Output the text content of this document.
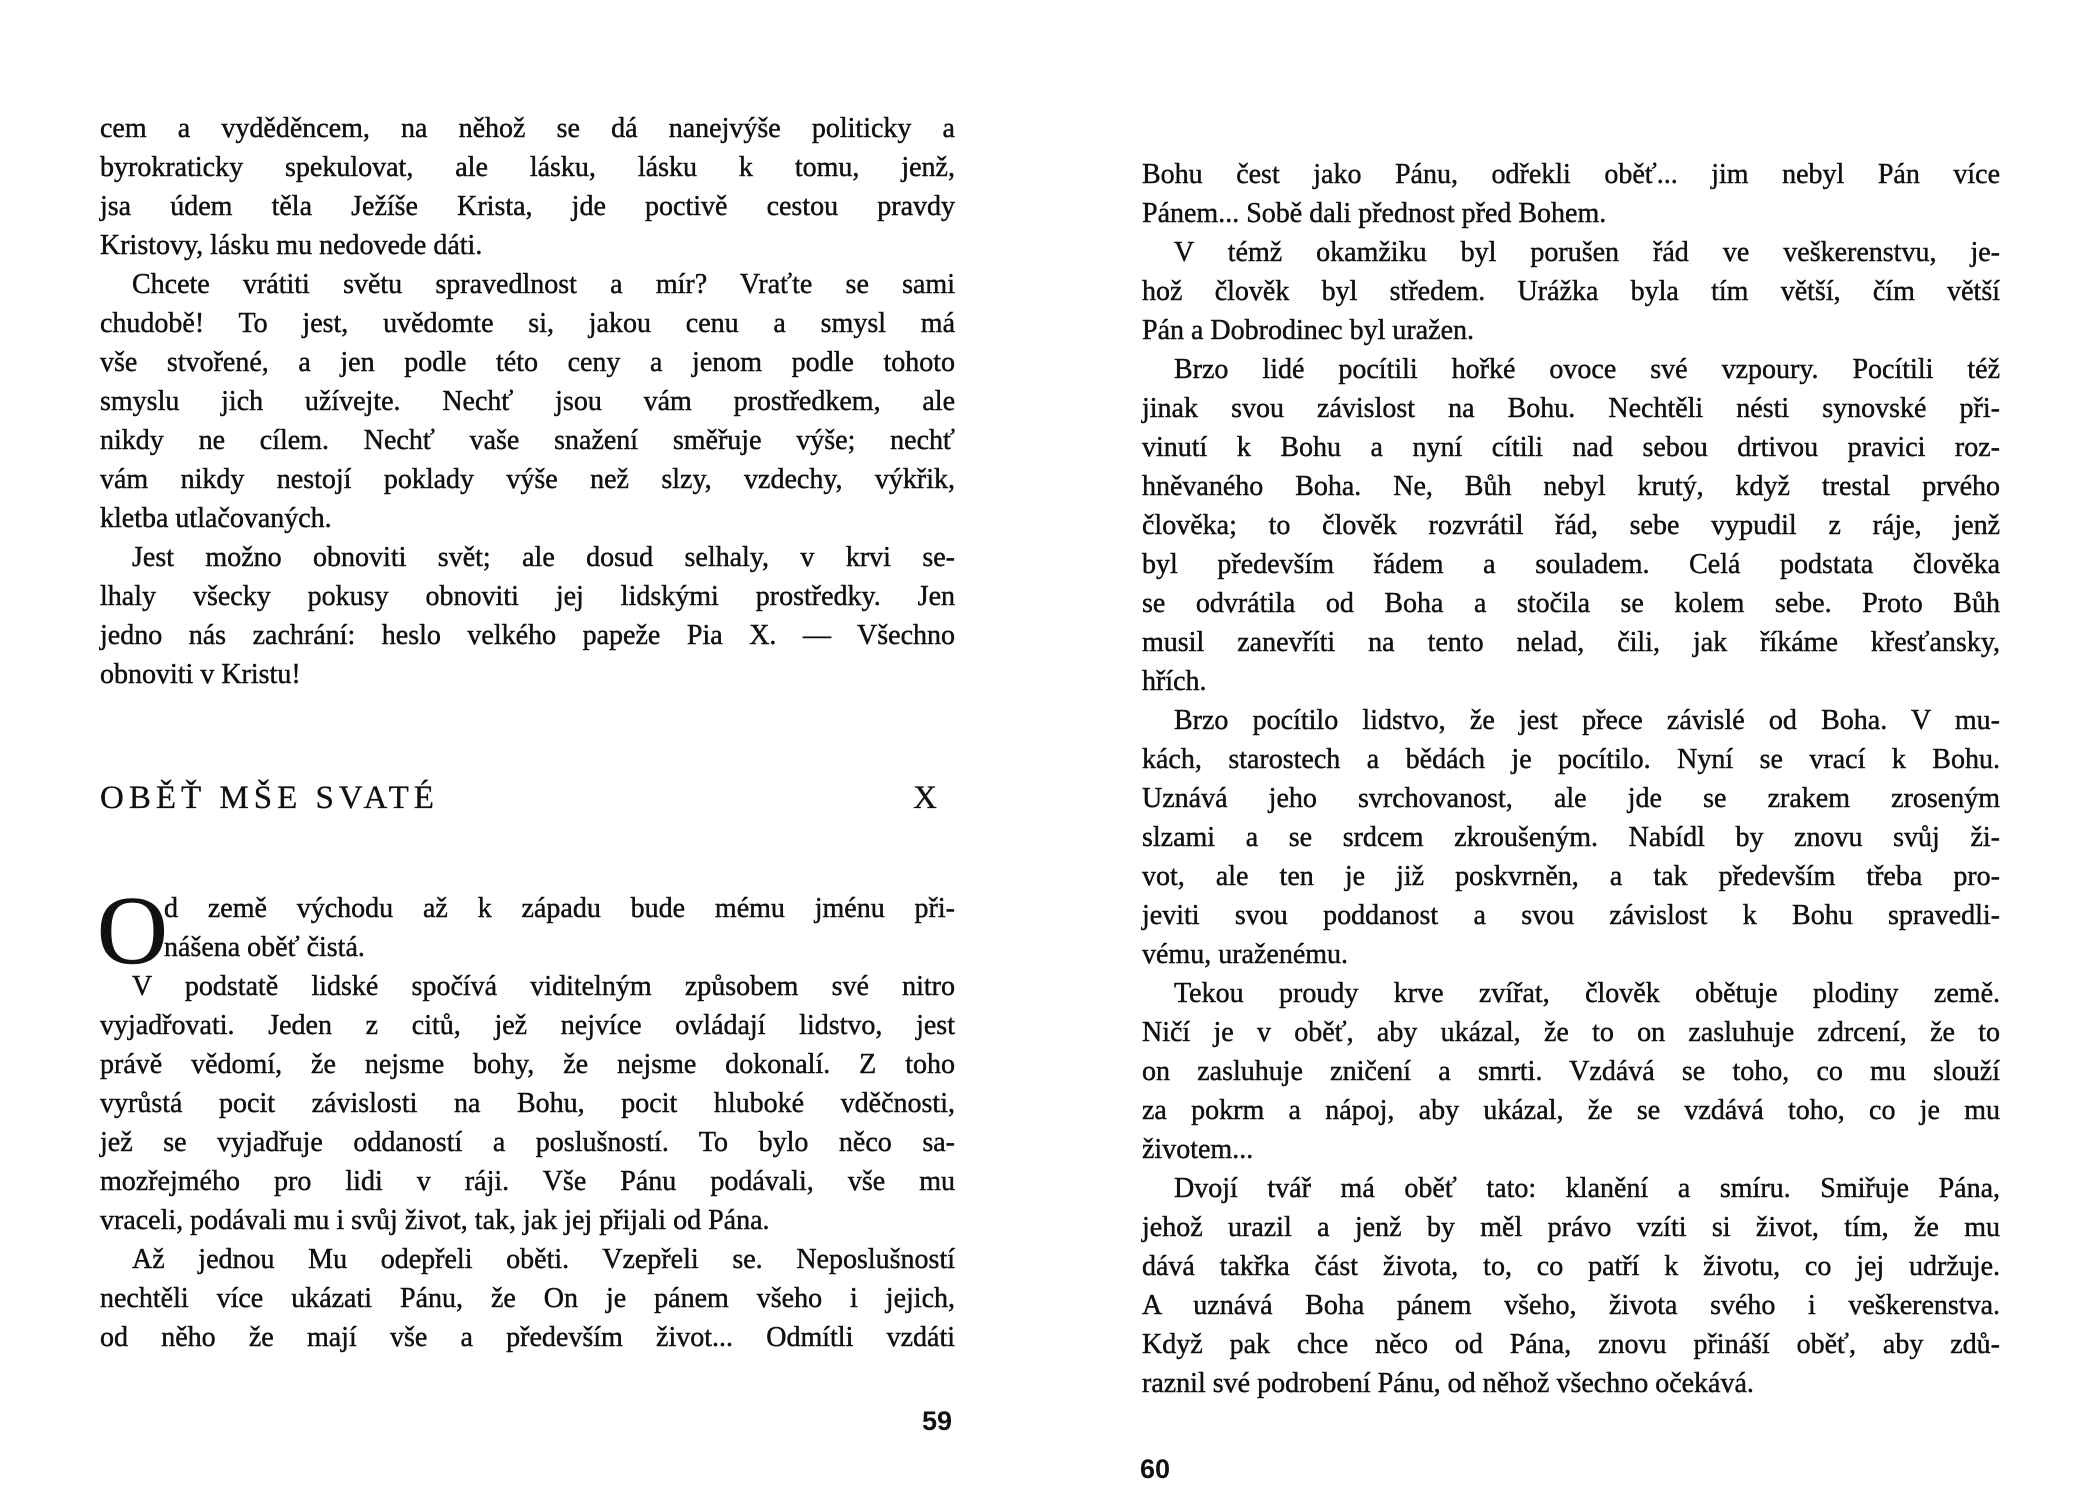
cem a vyděděncem, na něhož se dá nanejvýše politicky a
byrokraticky spekulovat, ale lásku, lásku k tomu, jenž,
jsa údem těla Ježíše Krista, jde poctivě cestou pravdy
Kristovy, lásku mu nedovede dáti.
Chcete vrátiti světu spravedlnost a mír? Vraťte se sami
chudobě! To jest, uvědomte si, jakou cenu a smysl má
vše stvořené, a jen podle této ceny a jenom podle tohoto
smyslu jich užívejte. Nechť jsou vám prostředkem, ale
nikdy ne cílem. Nechť vaše snažení směřuje výše; nechť
vám nikdy nestojí poklady výše než slzy, vzdechy, výkřik,
kletba utlačovaných.
Jest možno obnoviti svět; ale dosud selhaly, v krvi se-
lhaly všecky pokusy obnoviti jej lidskými prostředky. Jen
jedno nás zachrání: heslo velkého papeže Pia X. — Všechno
obnoviti v Kristu!
OBĚŤ MŠE SVATÉ	X
O
d země východu až k západu bude mému jménu při-
nášena oběť čistá.
V podstatě lidské spočívá viditelným způsobem své nitro
vyjadřovati. Jeden z citů, jež nejvíce ovládají lidstvo, jest
právě vědomí, že nejsme bohy, že nejsme dokonalí. Z toho
vyrůstá pocit závislosti na Bohu, pocit hluboké vděčnosti,
jež se vyjadřuje oddaností a poslušností. To bylo něco sa-
mozřejmého pro lidi v ráji. Vše Pánu podávali, vše mu
vraceli, podávali mu i svůj život, tak, jak jej přijali od Pána.
Až jednou Mu odepřeli oběti. Vzepřeli se. Neposlušností
nechtěli více ukázati Pánu, že On je pánem všeho i jejich,
od něho že mají vše a především život... Odmítli vzdáti
59
Bohu čest jako Pánu, odřekli oběť... jim nebyl Pán více
Pánem... Sobě dali přednost před Bohem.
V témž okamžiku byl porušen řád ve veškerenstvu, je-
hož člověk byl středem. Urážka byla tím větší, čím větší
Pán a Dobrodinec byl uražen.
Brzo lidé pocítili hořké ovoce své vzpoury. Pocítili též
jinak svou závislost na Bohu. Nechtěli nésti synovské při-
vinutí k Bohu a nyní cítili nad sebou drtivou pravici roz-
hněvaného Boha. Ne, Bůh nebyl krutý, když trestal prvého
člověka; to člověk rozvrátil řád, sebe vypudil z ráje, jenž
byl především řádem a souladem. Celá podstata člověka
se odvrátila od Boha a stočila se kolem sebe. Proto Bůh
musil zanevříti na tento nelad, čili, jak říkáme křesťansky,
hřích.
Brzo pocítilo lidstvo, že jest přece závislé od Boha. V mu-
kách, starostech a bědách je pocítilo. Nyní se vrací k Bohu.
Uznává jeho svrchovanost, ale jde se zrakem zroseným
slzami a se srdcem zkroušeným. Nabídl by znovu svůj ži-
vot, ale ten je již poskvrněn, a tak především třeba pro-
jeviti svou poddanost a svou závislost k Bohu spravedli-
vému, uraženému.
Tekou proudy krve zvířat, člověk obětuje plodiny země.
Ničí je v oběť, aby ukázal, že to on zasluhuje zdrcení, že to
on zasluhuje zničení a smrti. Vzdává se toho, co mu slouží
za pokrm a nápoj, aby ukázal, že se vzdává toho, co je mu
životem...
Dvojí tvář má oběť tato: klanění a smíru. Smiřuje Pána,
jehož urazil a jenž by měl právo vzíti si život, tím, že mu
dává takřka část života, to, co patří k životu, co jej udržuje.
A uznává Boha pánem všeho, života svého i veškerenstva.
Když pak chce něco od Pána, znovu přináší oběť, aby zdů-
raznil své podrobení Pánu, od něhož všechno očekává.
60
